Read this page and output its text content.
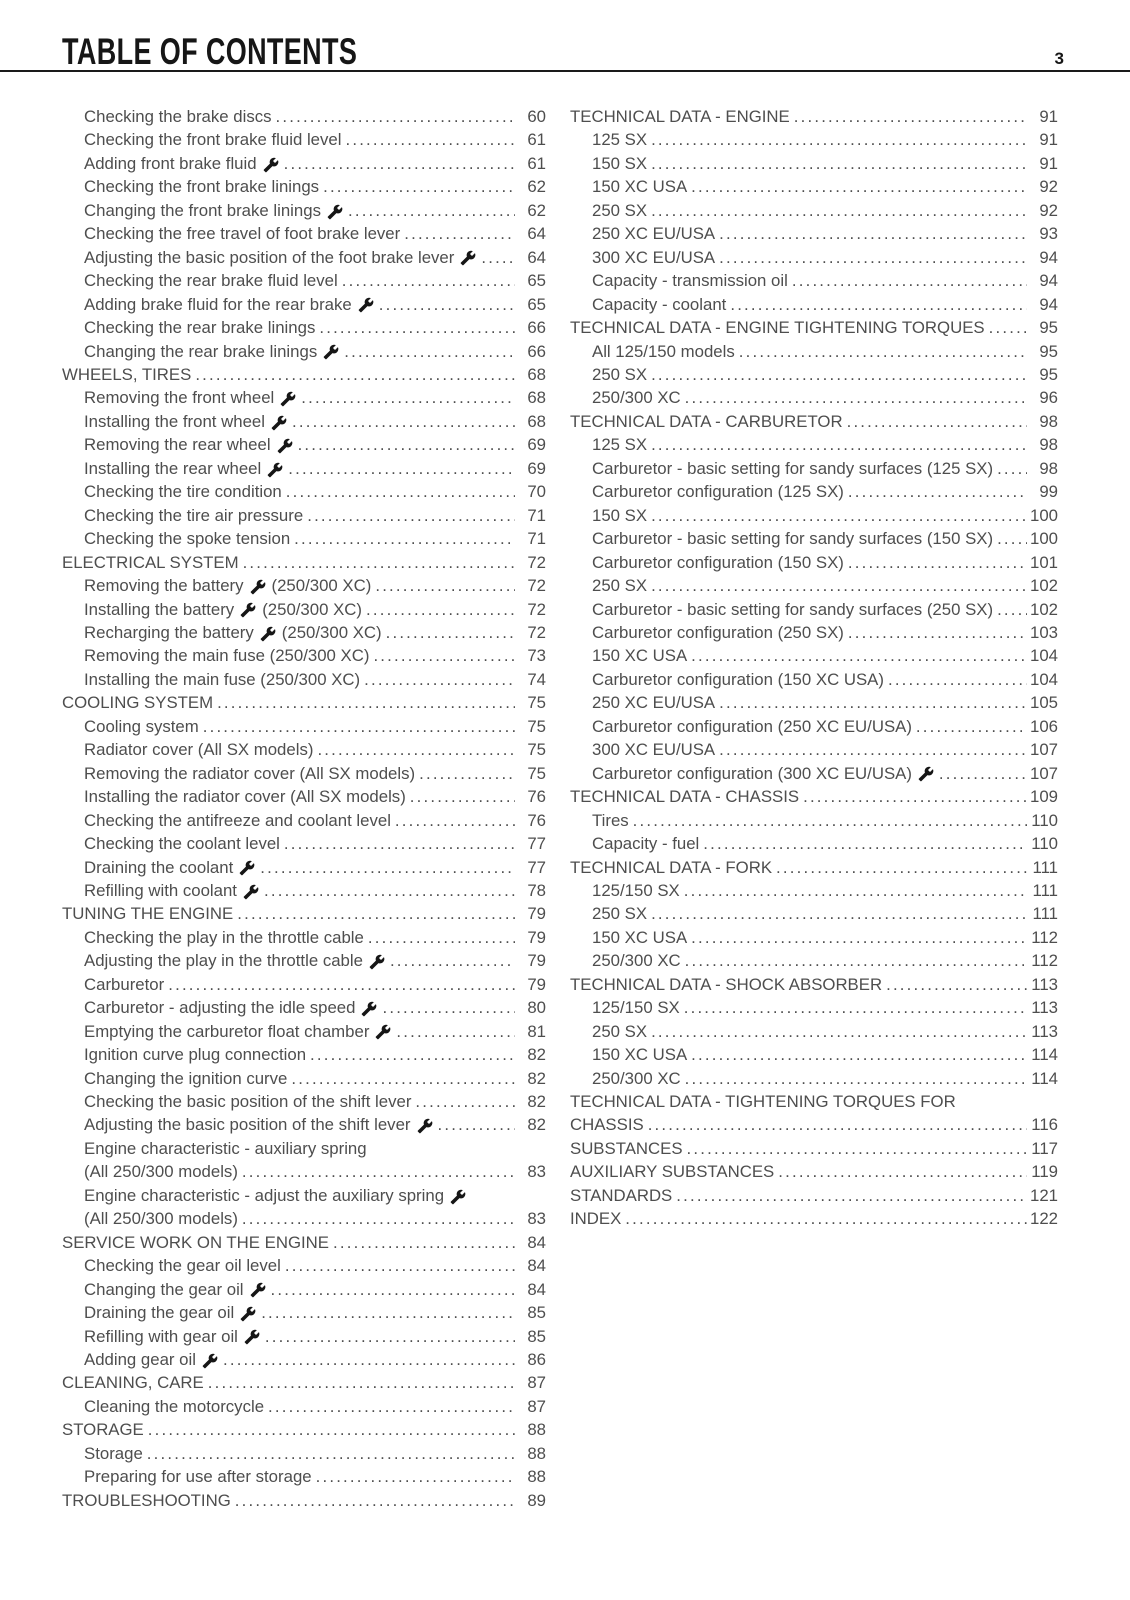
TABLE OF CONTENTS	3
Checking the brake discs .....	60
Checking the front brake fluid level .....	61
Adding front brake fluid .....	61
Checking the front brake linings .....	62
Changing the front brake linings .....	62
Checking the free travel of foot brake lever .....	64
Adjusting the basic position of the foot brake lever .....	64
Checking the rear brake fluid level .....	65
Adding brake fluid for the rear brake .....	65
Checking the rear brake linings .....	66
Changing the rear brake linings .....	66
WHEELS, TIRES .....	68
Removing the front wheel .....	68
Installing the front wheel .....	68
Removing the rear wheel .....	69
Installing the rear wheel .....	69
Checking the tire condition .....	70
Checking the tire air pressure .....	71
Checking the spoke tension .....	71
ELECTRICAL SYSTEM .....	72
Removing the battery (250/300 XC) .....	72
Installing the battery (250/300 XC) .....	72
Recharging the battery (250/300 XC) .....	72
Removing the main fuse (250/300 XC) .....	73
Installing the main fuse (250/300 XC) .....	74
COOLING SYSTEM .....	75
Cooling system .....	75
Radiator cover (All SX models) .....	75
Removing the radiator cover (All SX models) .....	75
Installing the radiator cover (All SX models) .....	76
Checking the antifreeze and coolant level .....	76
Checking the coolant level .....	77
Draining the coolant .....	77
Refilling with coolant .....	78
TUNING THE ENGINE .....	79
Checking the play in the throttle cable .....	79
Adjusting the play in the throttle cable .....	79
Carburetor .....	79
Carburetor - adjusting the idle speed .....	80
Emptying the carburetor float chamber .....	81
Ignition curve plug connection .....	82
Changing the ignition curve .....	82
Checking the basic position of the shift lever .....	82
Adjusting the basic position of the shift lever .....	82
Engine characteristic - auxiliary spring
(All 250/300 models) .....	83
Engine characteristic - adjust the auxiliary spring
(All 250/300 models) .....	83
SERVICE WORK ON THE ENGINE .....	84
Checking the gear oil level .....	84
Changing the gear oil .....	84
Draining the gear oil .....	85
Refilling with gear oil .....	85
Adding gear oil .....	86
CLEANING, CARE .....	87
Cleaning the motorcycle .....	87
STORAGE .....	88
Storage .....	88
Preparing for use after storage .....	88
TROUBLESHOOTING .....	89
TECHNICAL DATA - ENGINE .....	91
125 SX .....	91
150 SX .....	91
150 XC USA .....	92
250 SX .....	92
250 XC EU/USA .....	93
300 XC EU/USA .....	94
Capacity - transmission oil .....	94
Capacity - coolant .....	94
TECHNICAL DATA - ENGINE TIGHTENING TORQUES .....	95
All 125/150 models .....	95
250 SX .....	95
250/300 XC .....	96
TECHNICAL DATA - CARBURETOR .....	98
125 SX .....	98
Carburetor - basic setting for sandy surfaces (125 SX) .....	98
Carburetor configuration (125 SX) .....	99
150 SX .....	100
Carburetor - basic setting for sandy surfaces (150 SX) ..... 100
Carburetor configuration (150 SX) .....	101
250 SX .....	102
Carburetor - basic setting for sandy surfaces (250 SX) ..... 102
Carburetor configuration (250 SX) .....	103
150 XC USA .....	104
Carburetor configuration (150 XC USA) .....	104
250 XC EU/USA .....	105
Carburetor configuration (250 XC EU/USA) .....	106
300 XC EU/USA .....	107
Carburetor configuration (300 XC EU/USA) .....	107
TECHNICAL DATA - CHASSIS .....	109
Tires .....	110
Capacity - fuel .....	110
TECHNICAL DATA - FORK .....	111
125/150 SX .....	111
250 SX .....	111
150 XC USA .....	112
250/300 XC .....	112
TECHNICAL DATA - SHOCK ABSORBER .....	113
125/150 SX .....	113
250 SX .....	113
150 XC USA .....	114
250/300 XC .....	114
TECHNICAL DATA - TIGHTENING TORQUES FOR
CHASSIS .....	116
SUBSTANCES .....	117
AUXILIARY SUBSTANCES .....	119
STANDARDS .....	121
INDEX .....	122
